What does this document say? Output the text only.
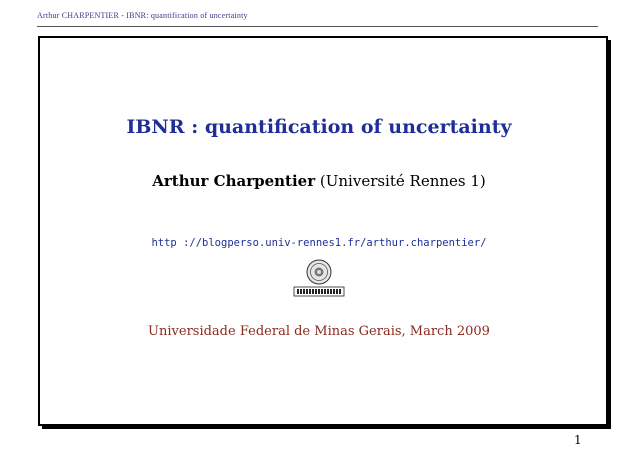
Arthur CHARPENTIER - IBNR: quantification of uncertainty
IBNR : quantification of uncertainty
Arthur Charpentier (Université Rennes 1)
http ://blogperso.univ-rennes1.fr/arthur.charpentier/
Universidade Federal de Minas Gerais, March 2009
1
